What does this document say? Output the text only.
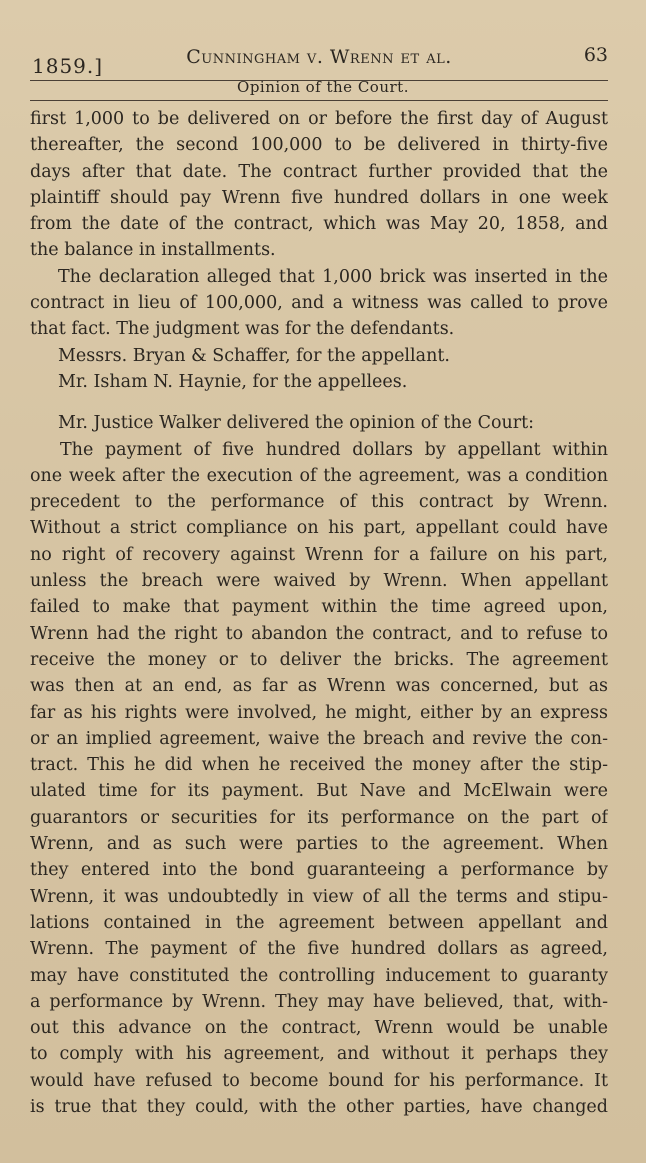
1859.]	Cunningham v. Wrenn et al.	63
Opinion of the Court.
first 1,000 to be delivered on or before the first day of August
thereafter, the second 100,000 to be delivered in thirty-five
days after that date. The contract further provided that the
plaintiff should pay Wrenn five hundred dollars in one week
from the date of the contract, which was May 20, 1858, and
the balance in installments.
The declaration alleged that 1,000 brick was inserted in the
contract in lieu of 100,000, and a witness was called to prove
that fact. The judgment was for the defendants.
Messrs. Bryan & Schaffer, for the appellant.
Mr. Isham N. Haynie, for the appellees.
Mr. Justice Walker delivered the opinion of the Court:
The payment of five hundred dollars by appellant within
one week after the execution of the agreement, was a condition
precedent to the performance of this contract by Wrenn.
Without a strict compliance on his part, appellant could have
no right of recovery against Wrenn for a failure on his part,
unless the breach were waived by Wrenn. When appellant
failed to make that payment within the time agreed upon,
Wrenn had the right to abandon the contract, and to refuse to
receive the money or to deliver the bricks. The agreement
was then at an end, as far as Wrenn was concerned, but as
far as his rights were involved, he might, either by an express
or an implied agreement, waive the breach and revive the con-
tract. This he did when he received the money after the stip-
ulated time for its payment. But Nave and McElwain were
guarantors or securities for its performance on the part of
Wrenn, and as such were parties to the agreement. When
they entered into the bond guaranteeing a performance by
Wrenn, it was undoubtedly in view of all the terms and stipu-
lations contained in the agreement between appellant and
Wrenn. The payment of the five hundred dollars as agreed,
may have constituted the controlling inducement to guaranty
a performance by Wrenn. They may have believed, that, with-
out this advance on the contract, Wrenn would be unable
to comply with his agreement, and without it perhaps they
would have refused to become bound for his performance. It
is true that they could, with the other parties, have changed
